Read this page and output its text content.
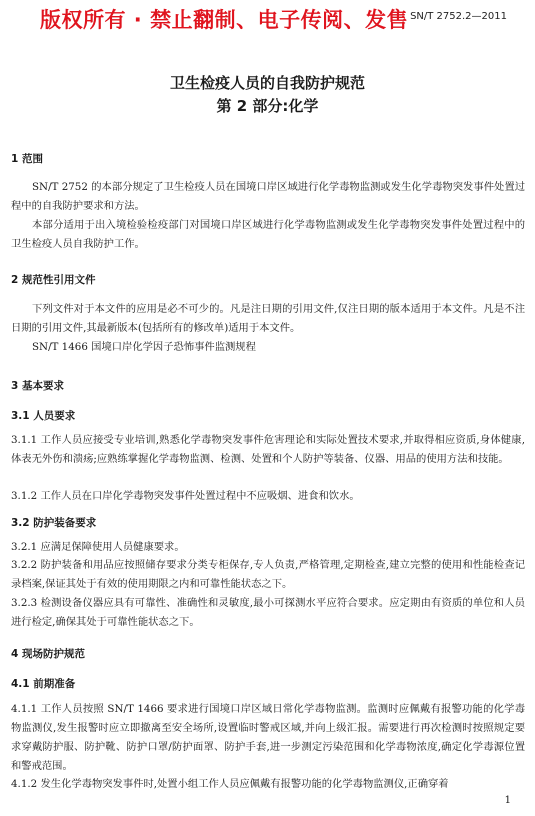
版权所有 · 禁止翻制、电子传阅、发售 SN/T 2752.2—2011
卫生检疫人员的自我防护规范
第 2 部分:化学
1 范围

SN/T 2752 的本部分规定了卫生检疫人员在国境口岸区域进行化学毒物监测或发生化学毒物突发事件处置过程中的自我防护要求和方法。

本部分适用于出入境检验检疫部门对国境口岸区域进行化学毒物监测或发生化学毒物突发事件处置过程中的卫生检疫人员自我防护工作。

2 规范性引用文件

下列文件对于本文件的应用是必不可少的。凡是注日期的引用文件,仅注日期的版本适用于本文件。凡是不注日期的引用文件,其最新版本(包括所有的修改单)适用于本文件。

SN/T 1466 国境口岸化学因子恐怖事件监测规程

3 基本要求
3.1 人员要求

3.1.1 工作人员应接受专业培训,熟悉化学毒物突发事件危害理论和实际处置技术要求,并取得相应资质,身体健康,体表无外伤和溃疡;应熟练掌握化学毒物监测、检测、处置和个人防护等装备、仪器、用品的使用方法和技能。

3.1.2 工作人员在口岸化学毒物突发事件处置过程中不应吸烟、进食和饮水。

3.2 防护装备要求

3.2.1 应满足保障使用人员健康要求。

3.2.2 防护装备和用品应按照储存要求分类专柜保存,专人负责,严格管理,定期检查,建立完整的使用和性能检查记录档案,保证其处于有效的使用期限之内和可靠性能状态之下。

3.2.3 检测设备仪器应具有可靠性、准确性和灵敏度,最小可探测水平应符合要求。应定期由有资质的单位和人员进行检定,确保其处于可靠性能状态之下。

4 现场防护规范
4.1 前期准备

4.1.1 工作人员按照 SN/T 1466 要求进行国境口岸区域日常化学毒物监测。监测时应佩戴有报警功能的化学毒物监测仪,发生报警时应立即撤离至安全场所,设置临时警戒区域,并向上级汇报。需要进行再次检测时按照规定要求穿戴防护服、防护靴、防护口罩/防护面罩、防护手套,进一步测定污染范围和化学毒物浓度,确定化学毒源位置和警戒范围。

4.1.2 发生化学毒物突发事件时,处置小组工作人员应佩戴有报警功能的化学毒物监测仪,正确穿着

1
